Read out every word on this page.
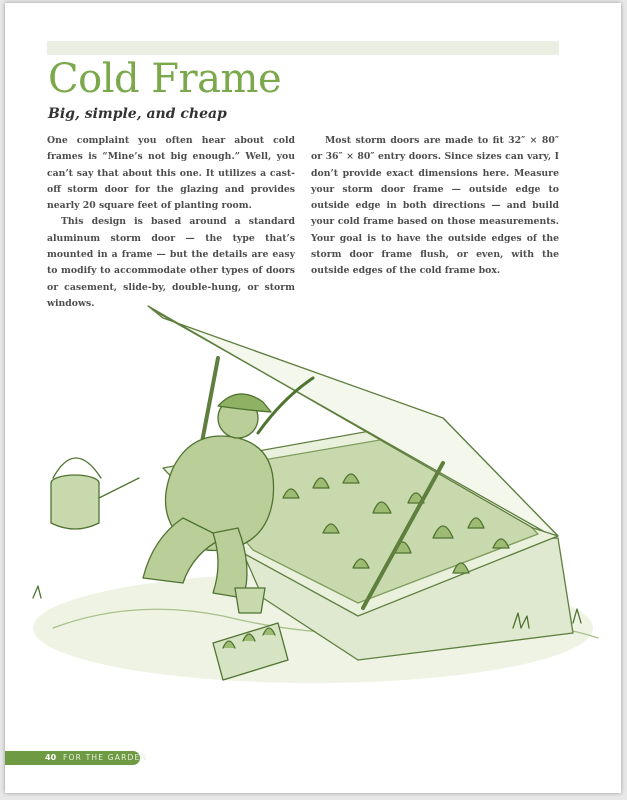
Cold Frame
Big, simple, and cheap

One complaint you often hear about cold frames is “Mine’s not big enough.” Well, you can’t say that about this one. It utilizes a cast-off storm door for the glazing and provides nearly 20 square feet of planting room.

This design is based around a standard aluminum storm door — the type that’s mounted in a frame — but the details are easy to modify to accommodate other types of doors or casement, slide-by, double-hung, or storm windows.

Most storm doors are made to fit 32″ × 80″ or 36″ × 80″ entry doors. Since sizes can vary, I don’t provide exact dimensions here. Measure your storm door frame — outside edge to outside edge in both directions — and build your cold frame based on those measurements. Your goal is to have the outside edges of the storm door frame flush, or even, with the outside edges of the cold frame box.

40 FOR THE GARDEN
